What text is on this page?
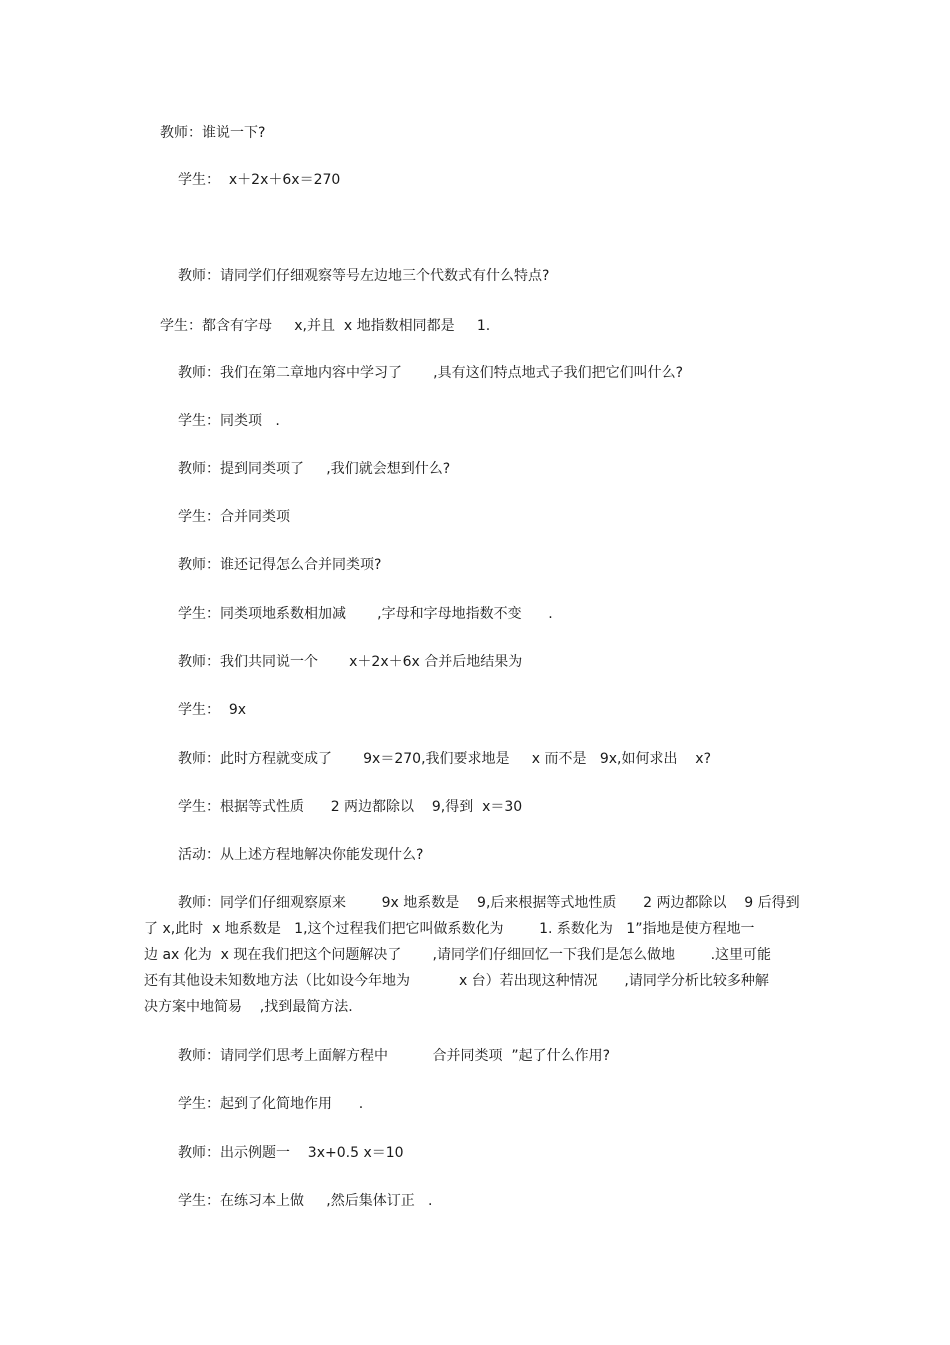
教师：谁说一下?
学生：  x＋2x＋6x＝270
教师：请同学们仔细观察等号左边地三个代数式有什么特点?
学生：都含有字母     x,并且  x 地指数相同都是     1.
教师：我们在第二章地内容中学习了       ,具有这们特点地式子我们把它们叫什么?
学生：同类项   .
教师：提到同类项了     ,我们就会想到什么?
学生：合并同类项
教师：谁还记得怎么合并同类项?
学生：同类项地系数相加减       ,字母和字母地指数不变      .
教师：我们共同说一个       x＋2x＋6x 合并后地结果为
学生：  9x
教师：此时方程就变成了       9x＝270,我们要求地是     x 而不是   9x,如何求出    x?
学生：根据等式性质      2 两边都除以    9,得到  x＝30
活动：从上述方程地解决你能发现什么?
教师：同学们仔细观察原来        9x 地系数是    9,后来根据等式地性质      2 两边都除以    9 后得到
了 x,此时  x 地系数是   1,这个过程我们把它叫做系数化为        1. 系数化为   1”指地是使方程地一
边 ax 化为  x 现在我们把这个问题解决了       ,请同学们仔细回忆一下我们是怎么做地        .这里可能
还有其他设未知数地方法（比如设今年地为           x 台）若出现这种情况      ,请同学分析比较多种解
决方案中地简易    ,找到最简方法.
教师：请同学们思考上面解方程中          合并同类项  ”起了什么作用?
学生：起到了化简地作用      .
教师：出示例题一    3x+0.5 x＝10
学生：在练习本上做     ,然后集体订正   .
